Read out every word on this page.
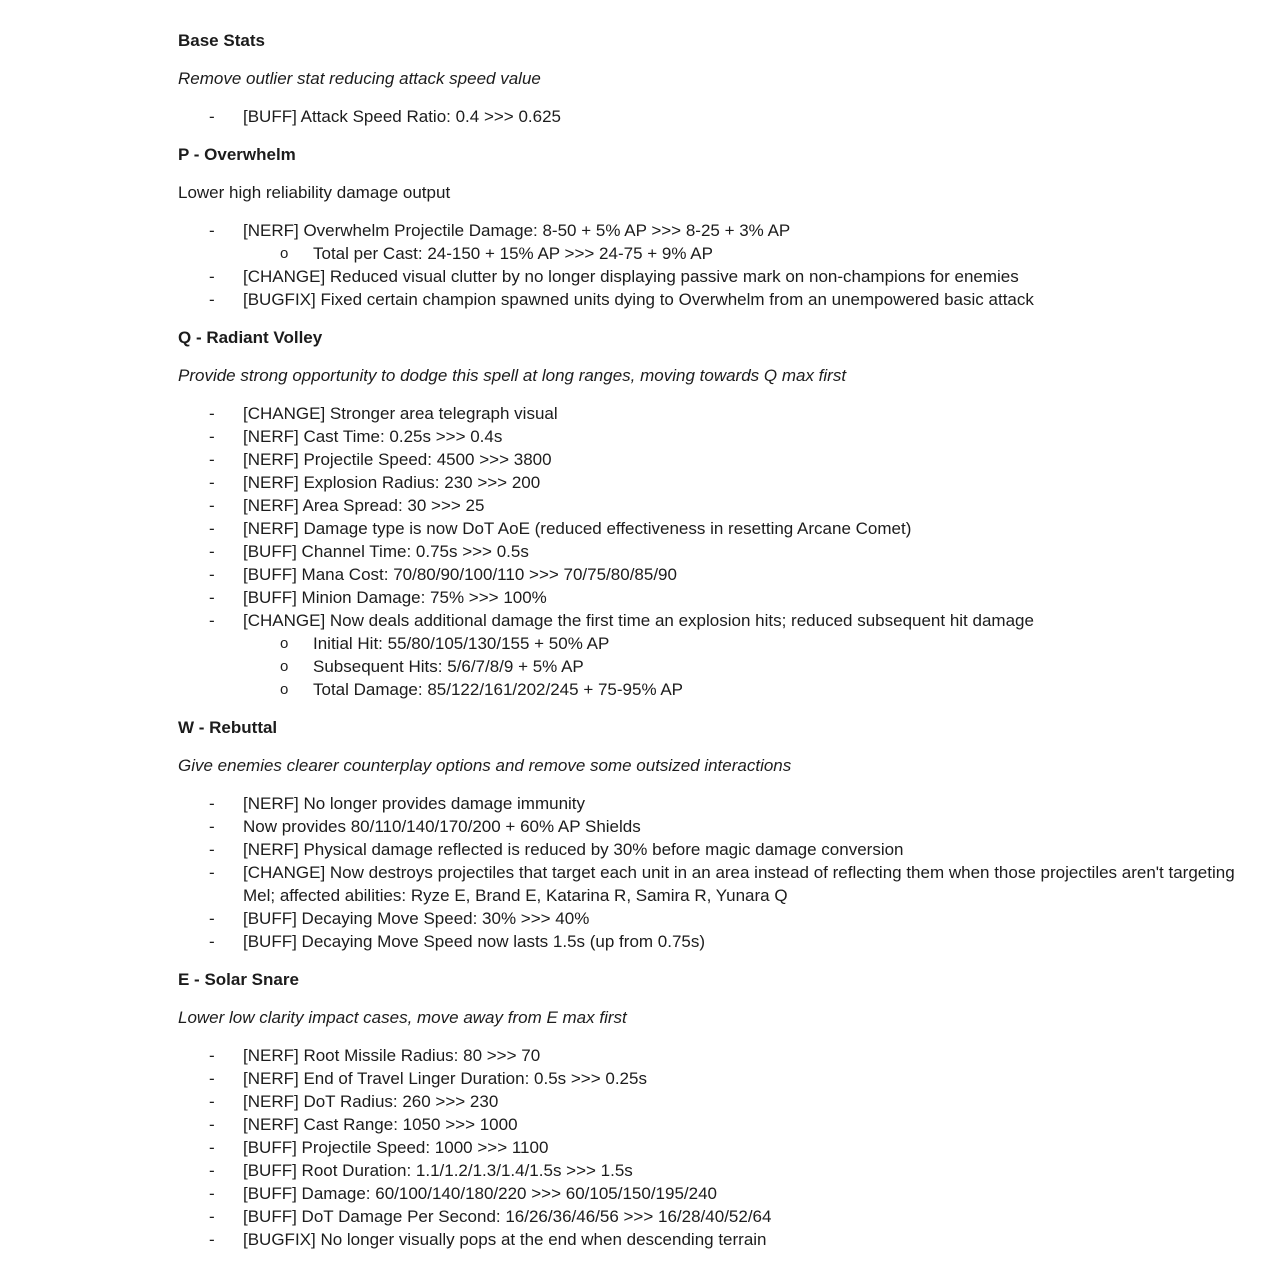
Base Stats
Remove outlier stat reducing attack speed value
- [BUFF] Attack Speed Ratio: 0.4 >>> 0.625
P - Overwhelm
Lower high reliability damage output
- [NERF] Overwhelm Projectile Damage: 8-50 + 5% AP >>> 8-25 + 3% AP
o Total per Cast: 24-150 + 15% AP >>> 24-75 + 9% AP
- [CHANGE] Reduced visual clutter by no longer displaying passive mark on non-champions for enemies
- [BUGFIX] Fixed certain champion spawned units dying to Overwhelm from an unempowered basic attack
Q - Radiant Volley
Provide strong opportunity to dodge this spell at long ranges, moving towards Q max first
- [CHANGE] Stronger area telegraph visual
- [NERF] Cast Time: 0.25s >>> 0.4s
- [NERF] Projectile Speed: 4500 >>> 3800
- [NERF] Explosion Radius: 230 >>> 200
- [NERF] Area Spread: 30 >>> 25
- [NERF] Damage type is now DoT AoE (reduced effectiveness in resetting Arcane Comet)
- [BUFF] Channel Time: 0.75s >>> 0.5s
- [BUFF] Mana Cost: 70/80/90/100/110 >>> 70/75/80/85/90
- [BUFF] Minion Damage: 75% >>> 100%
- [CHANGE] Now deals additional damage the first time an explosion hits; reduced subsequent hit damage
o Initial Hit: 55/80/105/130/155 + 50% AP
o Subsequent Hits: 5/6/7/8/9 + 5% AP
o Total Damage: 85/122/161/202/245 + 75-95% AP
W - Rebuttal
Give enemies clearer counterplay options and remove some outsized interactions
- [NERF] No longer provides damage immunity
- Now provides 80/110/140/170/200 + 60% AP Shields
- [NERF] Physical damage reflected is reduced by 30% before magic damage conversion
- [CHANGE] Now destroys projectiles that target each unit in an area instead of reflecting them when those projectiles aren't targeting Mel; affected abilities: Ryze E, Brand E, Katarina R, Samira R, Yunara Q
- [BUFF] Decaying Move Speed: 30% >>> 40%
- [BUFF] Decaying Move Speed now lasts 1.5s (up from 0.75s)
E - Solar Snare
Lower low clarity impact cases, move away from E max first
- [NERF] Root Missile Radius: 80 >>> 70
- [NERF] End of Travel Linger Duration: 0.5s >>> 0.25s
- [NERF] DoT Radius: 260 >>> 230
- [NERF] Cast Range: 1050 >>> 1000
- [BUFF] Projectile Speed: 1000 >>> 1100
- [BUFF] Root Duration: 1.1/1.2/1.3/1.4/1.5s >>> 1.5s
- [BUFF] Damage: 60/100/140/180/220 >>> 60/105/150/195/240
- [BUFF] DoT Damage Per Second: 16/26/36/46/56 >>> 16/28/40/52/64
- [BUGFIX] No longer visually pops at the end when descending terrain
